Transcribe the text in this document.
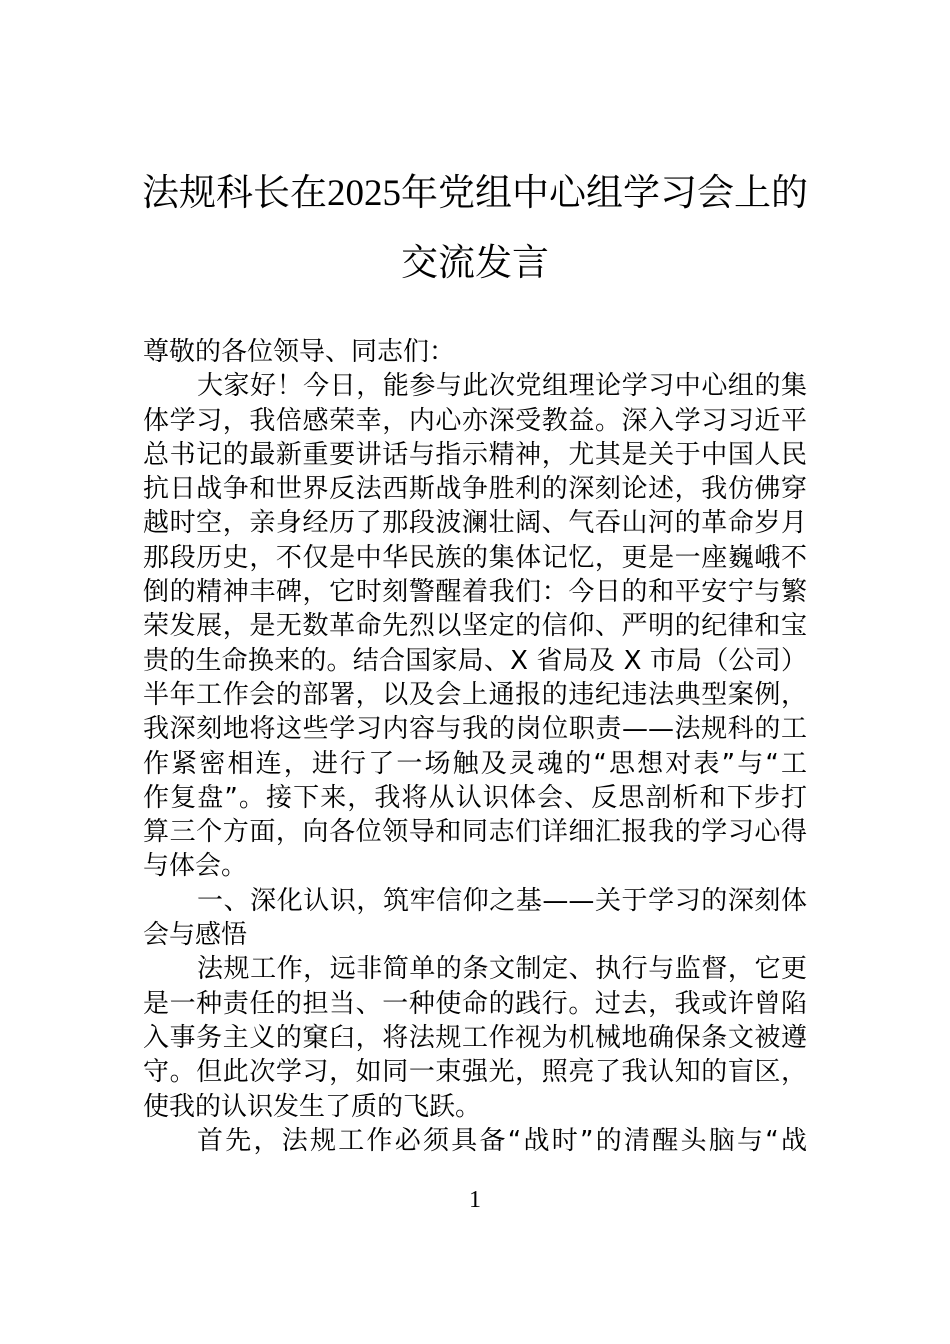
法规科长在2025年党组中心组学习会上的
交流发言
尊敬的各位领导、同志们：
大家好！今日，能参与此次党组理论学习中心组的集
体学习，我倍感荣幸，内心亦深受教益。深入学习习近平
总书记的最新重要讲话与指示精神，尤其是关于中国人民
抗日战争和世界反法西斯战争胜利的深刻论述，我仿佛穿
越时空，亲身经历了那段波澜壮阔、气吞山河的革命岁月
那段历史，不仅是中华民族的集体记忆，更是一座巍峨不
倒的精神丰碑，它时刻警醒着我们：今日的和平安宁与繁
荣发展，是无数革命先烈以坚定的信仰、严明的纪律和宝
贵的生命换来的。结合国家局、X 省局及 X 市局（公司）
半年工作会的部署，以及会上通报的违纪违法典型案例，
我深刻地将这些学习内容与我的岗位职责——法规科的工
作紧密相连，进行了一场触及灵魂的“思想对表”与“工
作复盘”。接下来，我将从认识体会、反思剖析和下步打
算三个方面，向各位领导和同志们详细汇报我的学习心得
与体会。
一、深化认识，筑牢信仰之基——关于学习的深刻体
会与感悟
法规工作，远非简单的条文制定、执行与监督，它更
是一种责任的担当、一种使命的践行。过去，我或许曾陷
入事务主义的窠臼，将法规工作视为机械地确保条文被遵
守。但此次学习，如同一束强光，照亮了我认知的盲区，
使我的认识发生了质的飞跃。
首先，法规工作必须具备“战时”的清醒头脑与“战
1
